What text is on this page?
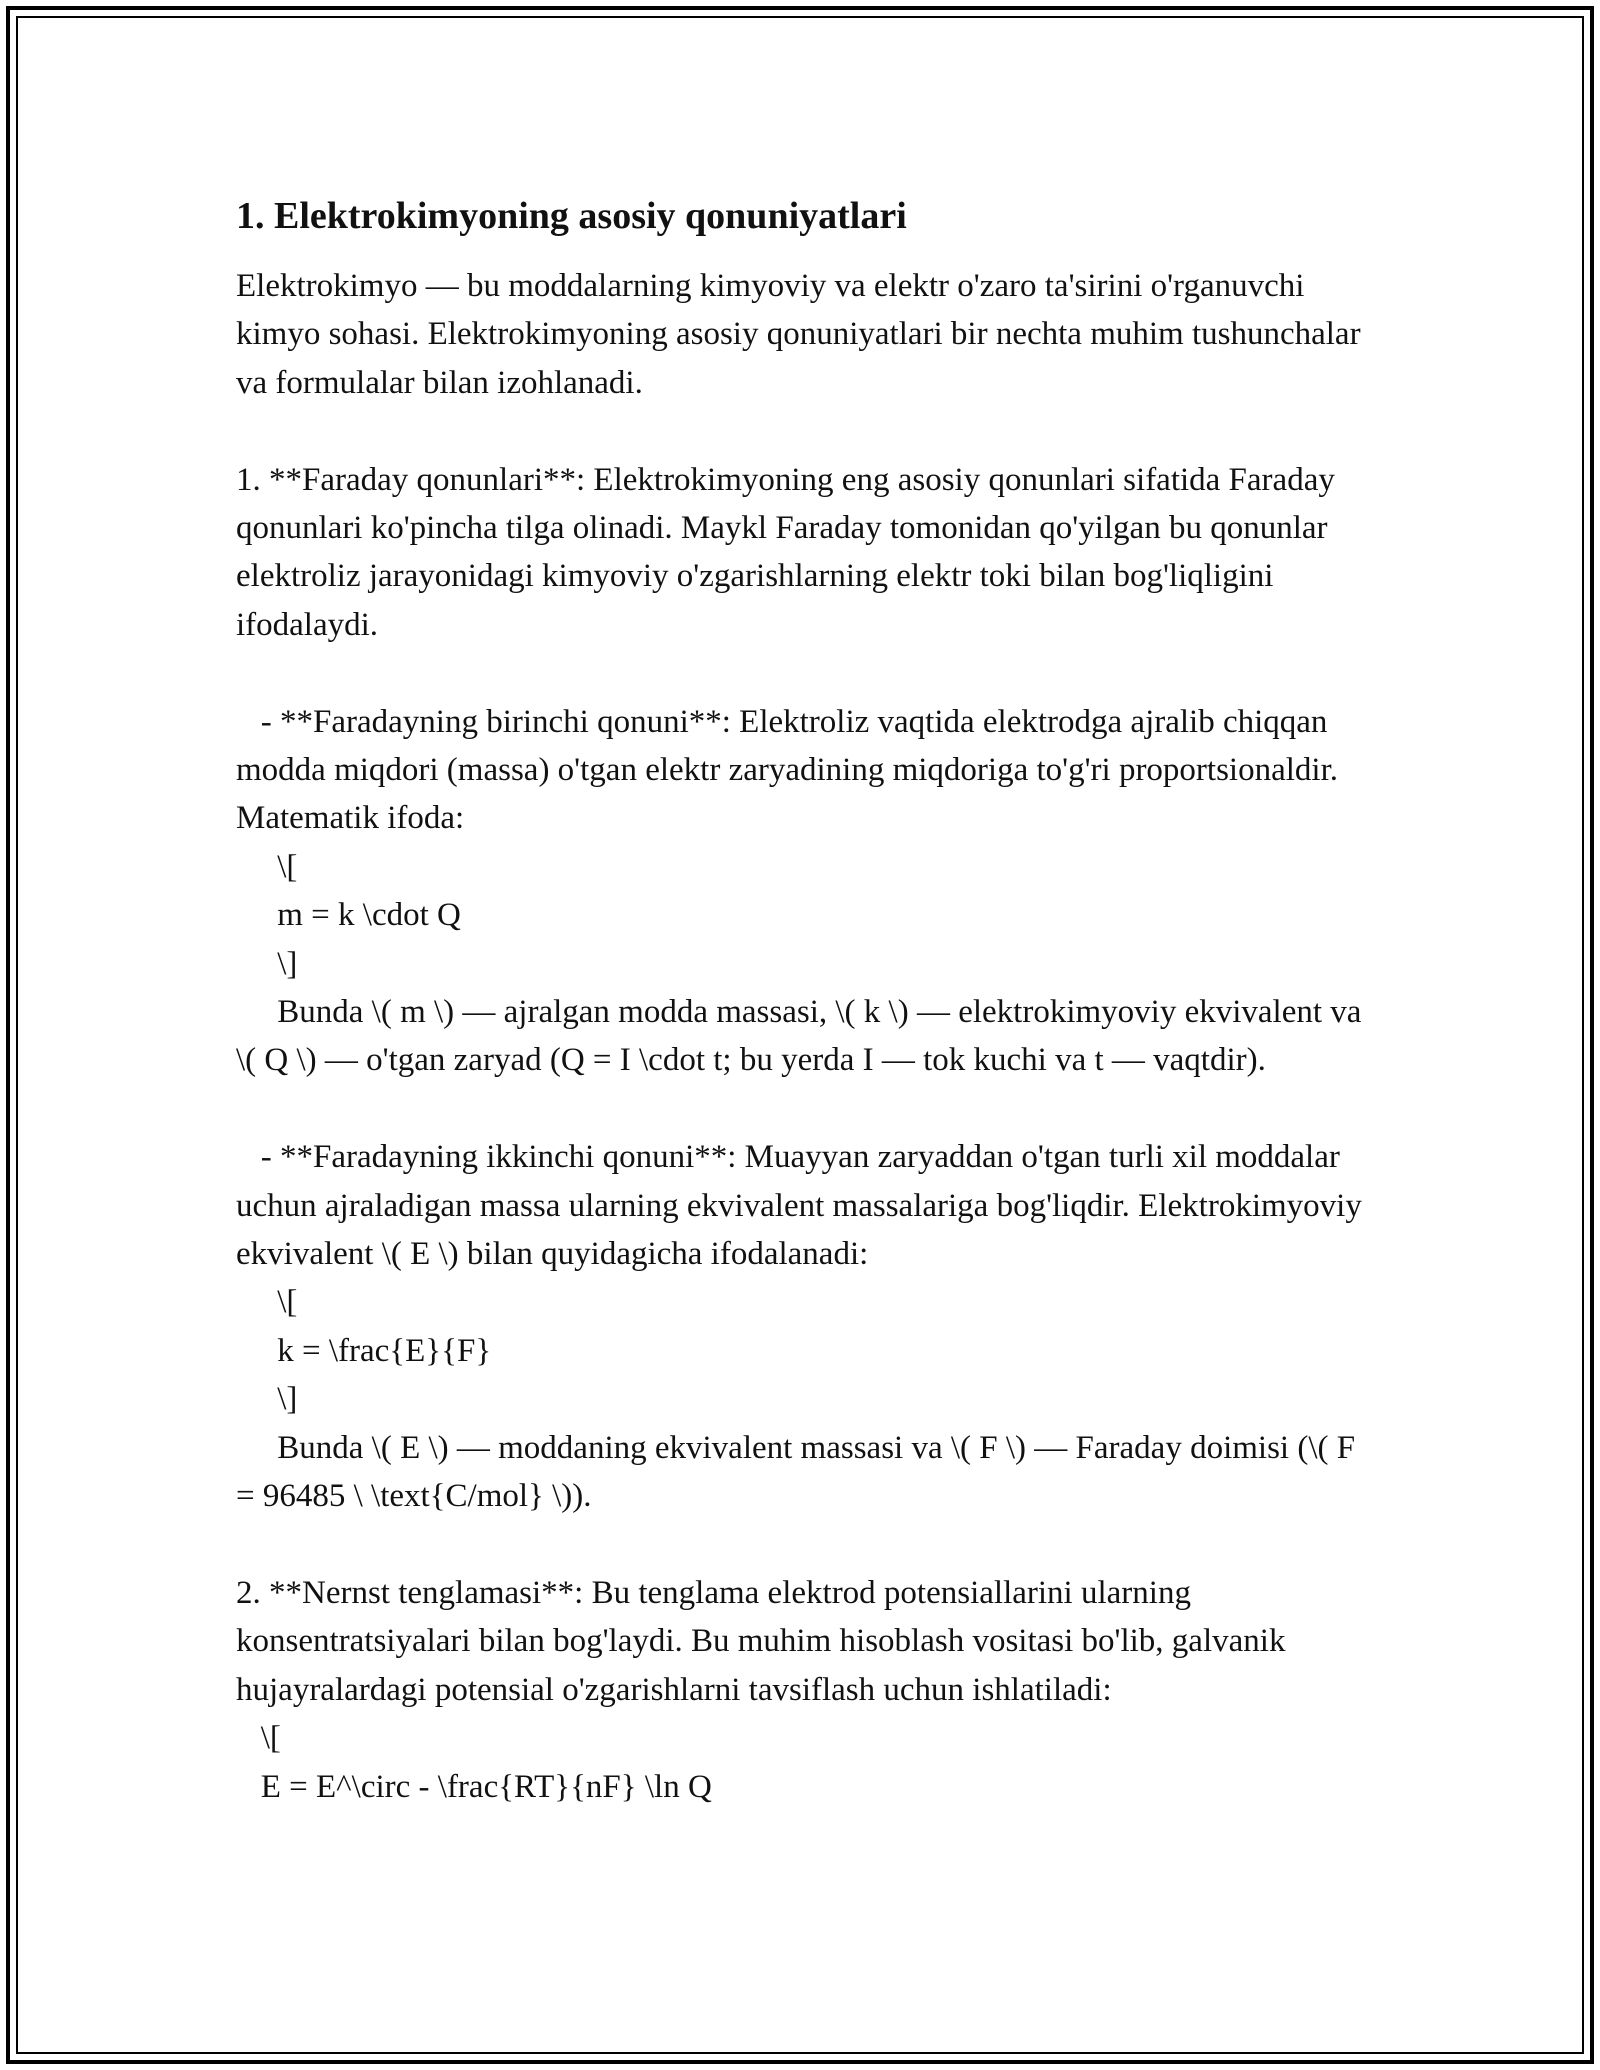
1. Elektrokimyoning asosiy qonuniyatlari

Elektrokimyo — bu moddalarning kimyoviy va elektr o'zaro ta'sirini o'rganuvchi kimyo sohasi. Elektrokimyoning asosiy qonuniyatlari bir nechta muhim tushunchalar va formulalar bilan izohlanadi.

1. **Faraday qonunlari**: Elektrokimyoning eng asosiy qonunlari sifatida Faraday qonunlari ko'pincha tilga olinadi. Maykl Faraday tomonidan qo'yilgan bu qonunlar elektroliz jarayonidagi kimyoviy o'zgarishlarning elektr toki bilan bog'liqligini ifodalaydi.

- **Faradayning birinchi qonuni**: Elektroliz vaqtida elektrodga ajralib chiqqan modda miqdori (massa) o'tgan elektr zaryadining miqdoriga to'g'ri proportsionaldir. Matematik ifoda:
\[
m = k \cdot Q
\]
Bunda \( m \) — ajralgan modda massasi, \( k \) — elektrokimyoviy ekvivalent va \( Q \) — o'tgan zaryad (Q = I \cdot t; bu yerda I — tok kuchi va t — vaqtdir).

- **Faradayning ikkinchi qonuni**: Muayyan zaryaddan o'tgan turli xil moddalar uchun ajraladigan massa ularning ekvivalent massalariga bog'liqdir. Elektrokimyoviy ekvivalent \( E \) bilan quyidagicha ifodalanadi:
\[
k = \frac{E}{F}
\]
Bunda \( E \) — moddaning ekvivalent massasi va \( F \) — Faraday doimisi (\( F = 96485 \ \text{C/mol} \)).

2. **Nernst tenglamasi**: Bu tenglama elektrod potensiallarini ularning konsentratsiyalari bilan bog'laydi. Bu muhim hisoblash vositasi bo'lib, galvanik hujayralardagi potensial o'zgarishlarni tavsiflash uchun ishlatiladi:
\[
E = E^\circ - \frac{RT}{nF} \ln Q
